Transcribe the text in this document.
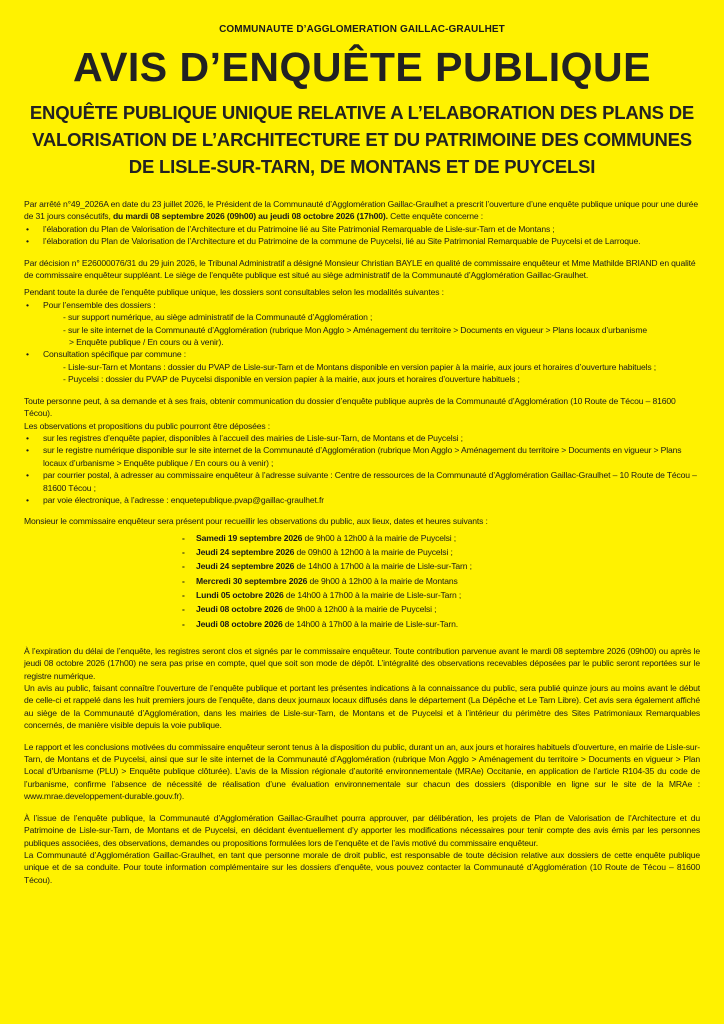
COMMUNAUTE D’AGGLOMERATION GAILLAC-GRAULHET
AVIS D’ENQUÊTE PUBLIQUE
ENQUÊTE PUBLIQUE UNIQUE RELATIVE A L’ELABORATION DES PLANS DE
VALORISATION DE L’ARCHITECTURE ET DU PATRIMOINE DES COMMUNES
DE LISLE-SUR-TARN, DE MONTANS ET DE PUYCELSI

Par arrêté n°49_2026A en date du 23 juillet 2026, le Président de la Communauté d’Agglomération Gaillac-Graulhet a prescrit l’ouverture d’une enquête publique unique pour une durée de 31 jours consécutifs, du mardi 08 septembre 2026 (09h00) au jeudi 08 octobre 2026 (17h00). Cette enquête concerne :

• l’élaboration du Plan de Valorisation de l’Architecture et du Patrimoine lié au Site Patrimonial Remarquable de Lisle-sur-Tarn et de Montans ;
• l’élaboration du Plan de Valorisation de l’Architecture et du Patrimoine de la commune de Puycelsi, lié au Site Patrimonial Remarquable de Puycelsi et de Larroque.

Par décision n° E26000076/31 du 29 juin 2026, le Tribunal Administratif a désigné Monsieur Christian BAYLE en qualité de commissaire enquêteur et Mme Mathilde BRIAND en qualité de commissaire enquêteur suppléant. Le siège de l’enquête publique est situé au siège administratif de la Communauté d’Agglomération Gaillac-Graulhet.

Pendant toute la durée de l’enquête publique unique, les dossiers sont consultables selon les modalités suivantes :

• Pour l’ensemble des dossiers :
- sur support numérique, au siège administratif de la Communauté d’Agglomération ;
- sur le site internet de la Communauté d’Agglomération (rubrique Mon Agglo > Aménagement du territoire > Documents en vigueur > Plans locaux d’urbanisme
> Enquête publique / En cours ou à venir).
• Consultation spécifique par commune :
- Lisle-sur-Tarn et Montans : dossier du PVAP de Lisle-sur-Tarn et de Montans disponible en version papier à la mairie, aux jours et horaires d’ouverture habituels ;
- Puycelsi : dossier du PVAP de Puycelsi disponible en version papier à la mairie, aux jours et horaires d’ouverture habituels ;

Toute personne peut, à sa demande et à ses frais, obtenir communication du dossier d’enquête publique auprès de la Communauté d’Agglomération (10 Route de Técou – 81600 Técou).

Les observations et propositions du public pourront être déposées :

• sur les registres d’enquête papier, disponibles à l’accueil des mairies de Lisle-sur-Tarn, de Montans et de Puycelsi ;
• sur le registre numérique disponible sur le site internet de la Communauté d’Agglomération (rubrique Mon Agglo > Aménagement du territoire > Documents en vigueur > Plans locaux d’urbanisme > Enquête publique / En cours ou à venir) ;
• par courrier postal, à adresser au commissaire enquêteur à l’adresse suivante : Centre de ressources de la Communauté d’Agglomération Gaillac-Graulhet – 10 Route de Técou – 81600 Técou ;
• par voie électronique, à l’adresse : enquetepublique.pvap@gaillac-graulhet.fr

Monsieur le commissaire enquêteur sera présent pour recueillir les observations du public, aux lieux, dates et heures suivants :

- Samedi 19 septembre 2026 de 9h00 à 12h00 à la mairie de Puycelsi ;
- Jeudi 24 septembre 2026 de 09h00 à 12h00 à la mairie de Puycelsi ;
- Jeudi 24 septembre 2026 de 14h00 à 17h00 à la mairie de Lisle-sur-Tarn ;
- Mercredi 30 septembre 2026 de 9h00 à 12h00 à la mairie de Montans
- Lundi 05 octobre 2026 de 14h00 à 17h00 à la mairie de Lisle-sur-Tarn ;
- Jeudi 08 octobre 2026 de 9h00 à 12h00 à la mairie de Puycelsi ;
- Jeudi 08 octobre 2026 de 14h00 à 17h00 à la mairie de Lisle-sur-Tarn.

À l’expiration du délai de l’enquête, les registres seront clos et signés par le commissaire enquêteur. Toute contribution parvenue avant le mardi 08 septembre 2026 (09h00) ou après le jeudi 08 octobre 2026 (17h00) ne sera pas prise en compte, quel que soit son mode de dépôt. L’intégralité des observations recevables déposées par le public seront reportées sur le registre numérique.

Un avis au public, faisant connaître l’ouverture de l’enquête publique et portant les présentes indications à la connaissance du public, sera publié quinze jours au moins avant le début de celle-ci et rappelé dans les huit premiers jours de l’enquête, dans deux journaux locaux diffusés dans le département (La Dépêche et Le Tarn Libre). Cet avis sera également affiché au siège de la Communauté d’Agglomération, dans les mairies de Lisle-sur-Tarn, de Montans et de Puycelsi et à l’intérieur du périmètre des Sites Patrimoniaux Remarquables concernés, de manière visible depuis la voie publique.

Le rapport et les conclusions motivées du commissaire enquêteur seront tenus à la disposition du public, durant un an, aux jours et horaires habituels d’ouverture, en mairie de Lisle-sur-Tarn, de Montans et de Puycelsi, ainsi que sur le site internet de la Communauté d’Agglomération (rubrique Mon Agglo > Aménagement du territoire > Documents en vigueur > Plan Local d’Urbanisme (PLU) > Enquête publique clôturée). L’avis de la Mission régionale d’autorité environnementale (MRAe) Occitanie, en application de l’article R104-35 du code de l’urbanisme, confirme l’absence de nécessité de réalisation d’une évaluation environnementale sur chacun des dossiers (disponible en ligne sur le site de la MRAe : www.mrae.developpement-durable.gouv.fr).

À l’issue de l’enquête publique, la Communauté d’Agglomération Gaillac-Graulhet pourra approuver, par délibération, les projets de Plan de Valorisation de l’Architecture et du Patrimoine de Lisle-sur-Tarn, de Montans et de Puycelsi, en décidant éventuellement d’y apporter les modifications nécessaires pour tenir compte des avis émis par les personnes publiques associées, des observations, demandes ou propositions formulées lors de l’enquête et de l’avis motivé du commissaire enquêteur.

La Communauté d’Agglomération Gaillac-Graulhet, en tant que personne morale de droit public, est responsable de toute décision relative aux dossiers de cette enquête publique unique et de sa conduite. Pour toute information complémentaire sur les dossiers d’enquête, vous pouvez contacter la Communauté d’Agglomération (10 Route de Técou – 81600 Técou).
